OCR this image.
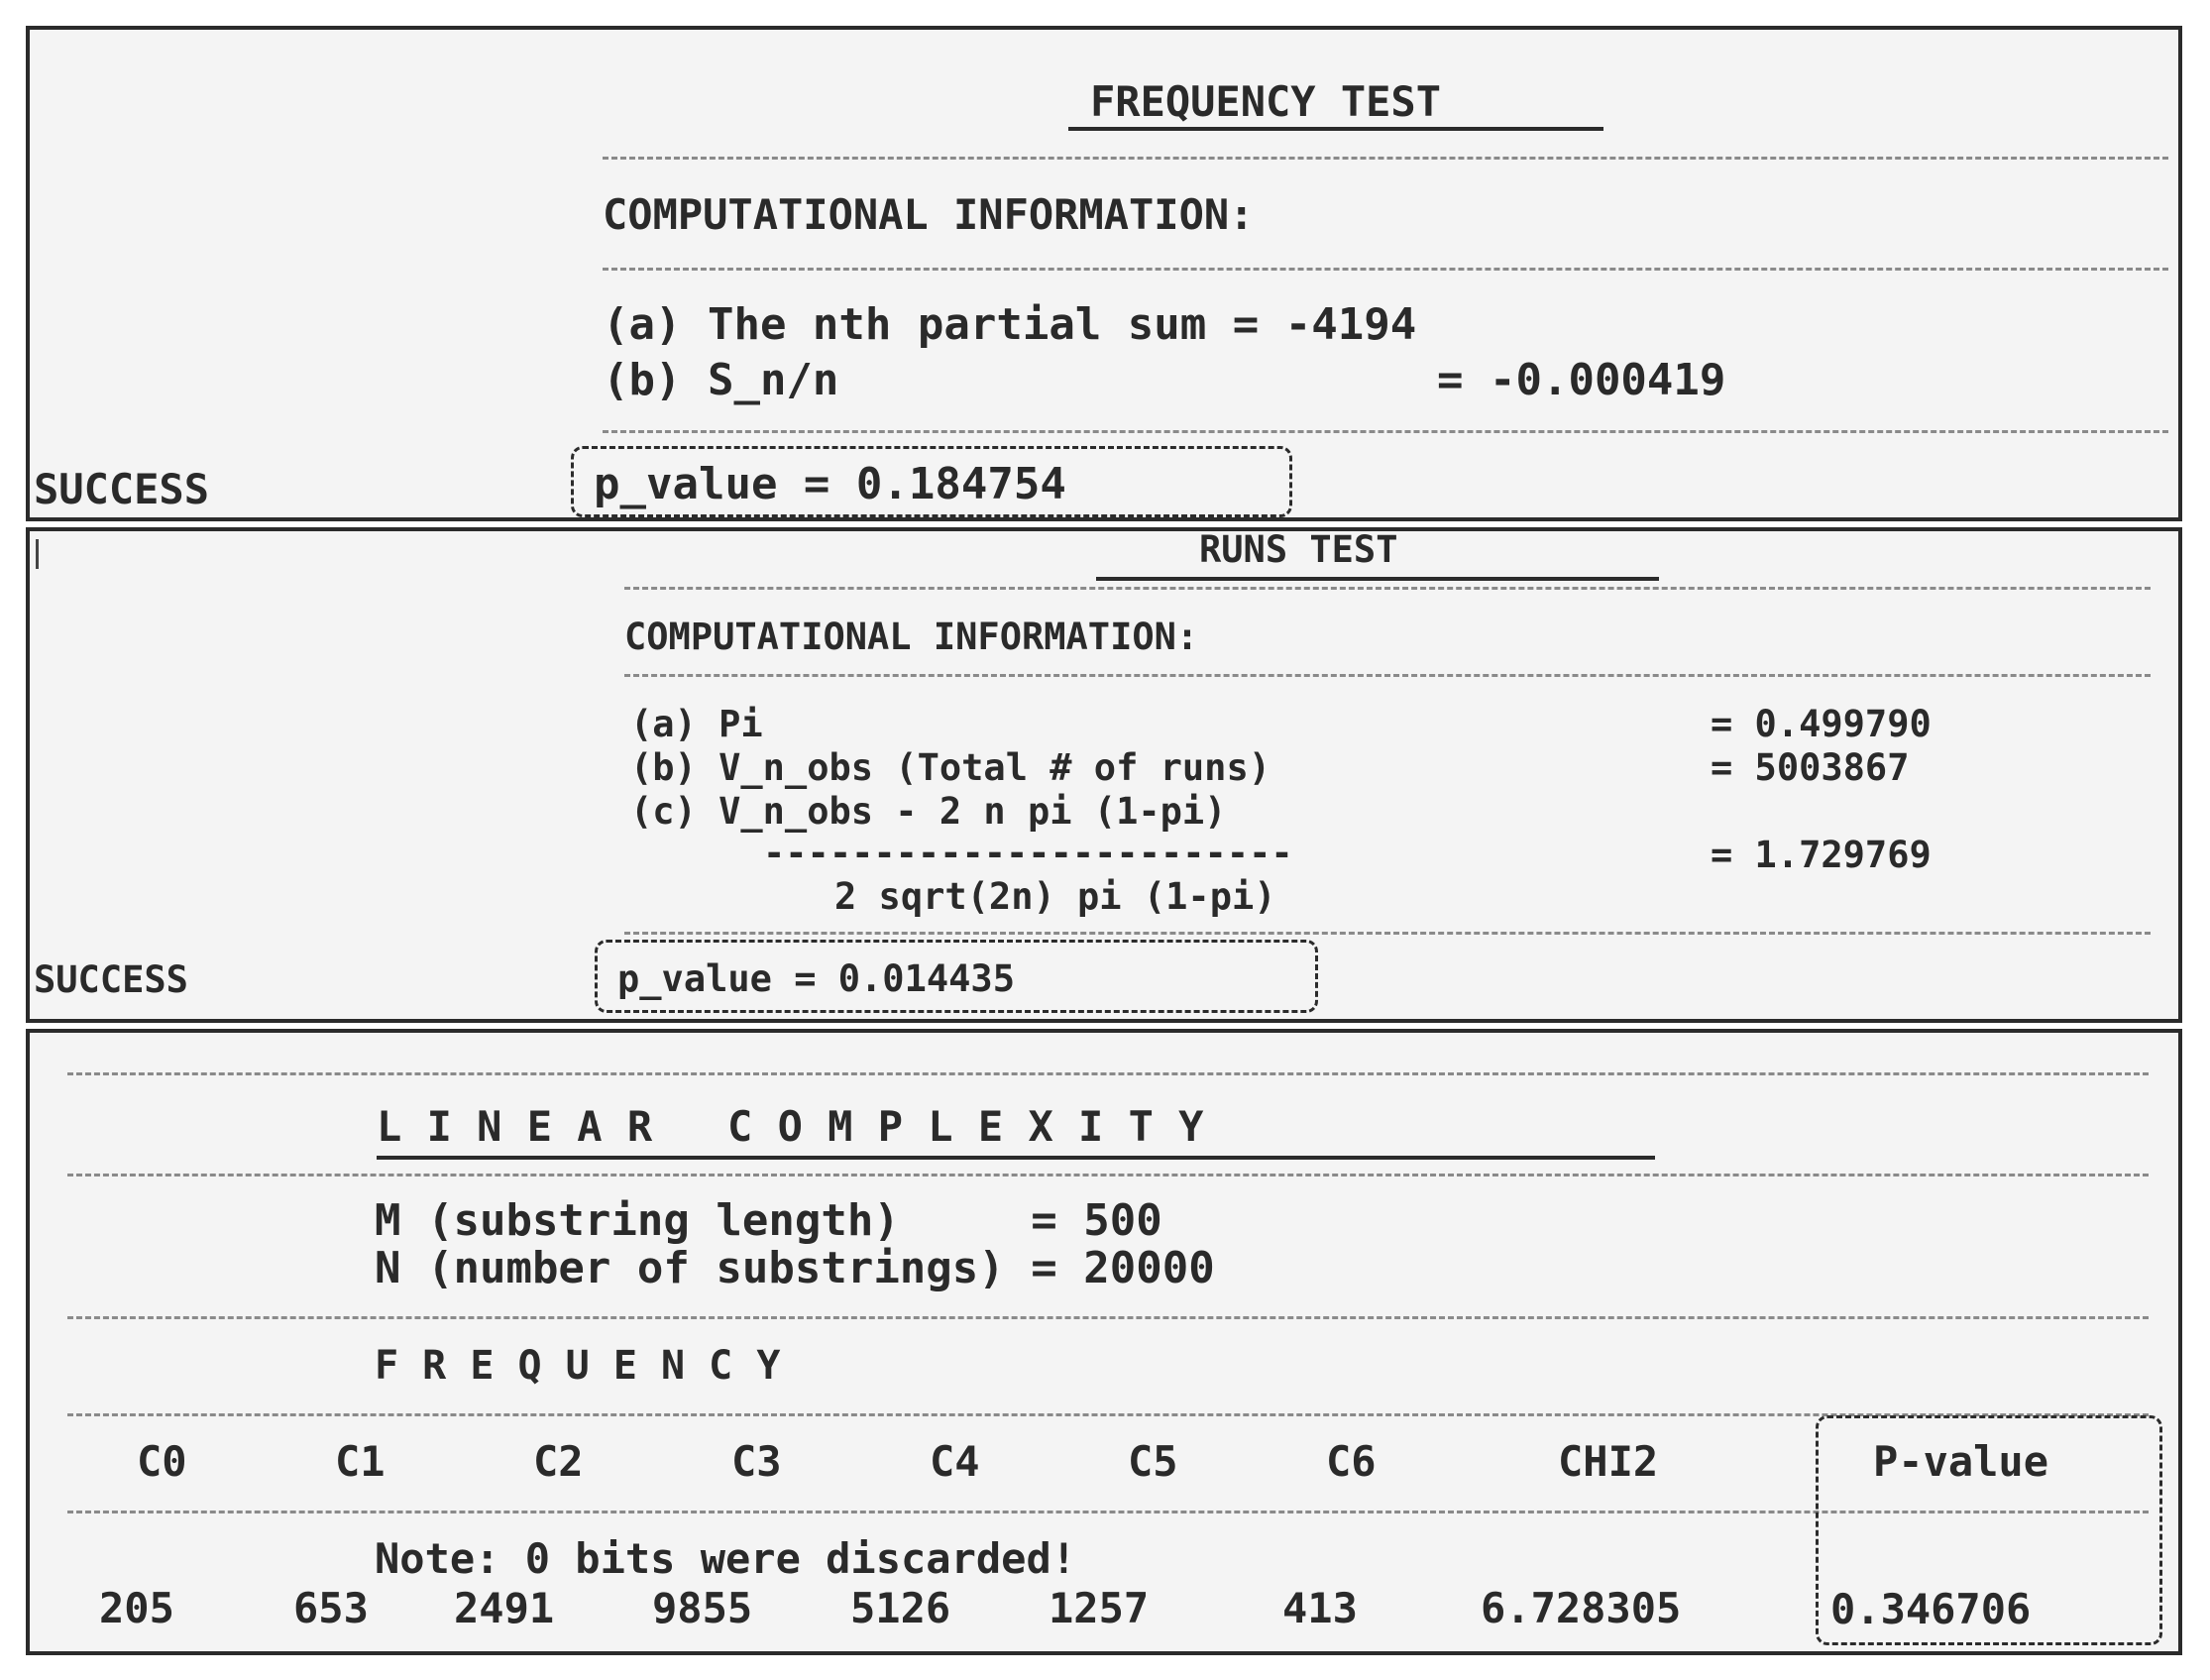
FREQUENCY TEST
COMPUTATIONAL INFORMATION:
(a) The nth partial sum = -4194
(b) S_n/n	= -0.000419
SUCCESS	p_value = 0.184754
RUNS TEST
COMPUTATIONAL INFORMATION:
(a) Pi	= 0.499790
(b) V_n_obs (Total # of runs)	= 5003867
(c) V_n_obs - 2 n pi (1-pi)
------------------------	= 1.729769
2 sqrt(2n) pi (1-pi)
SUCCESS	p_value = 0.014435
L I N E A R   C O M P L E X I T Y
M (substring length)     = 500
N (number of substrings) = 20000
F R E Q U E N C Y
C0	C1	C2	C3	C4	C5	C6	CHI2	P-value
Note: 0 bits were discarded!
205	653 2491 9855 5126 1257	413	6.728305	0.346706
